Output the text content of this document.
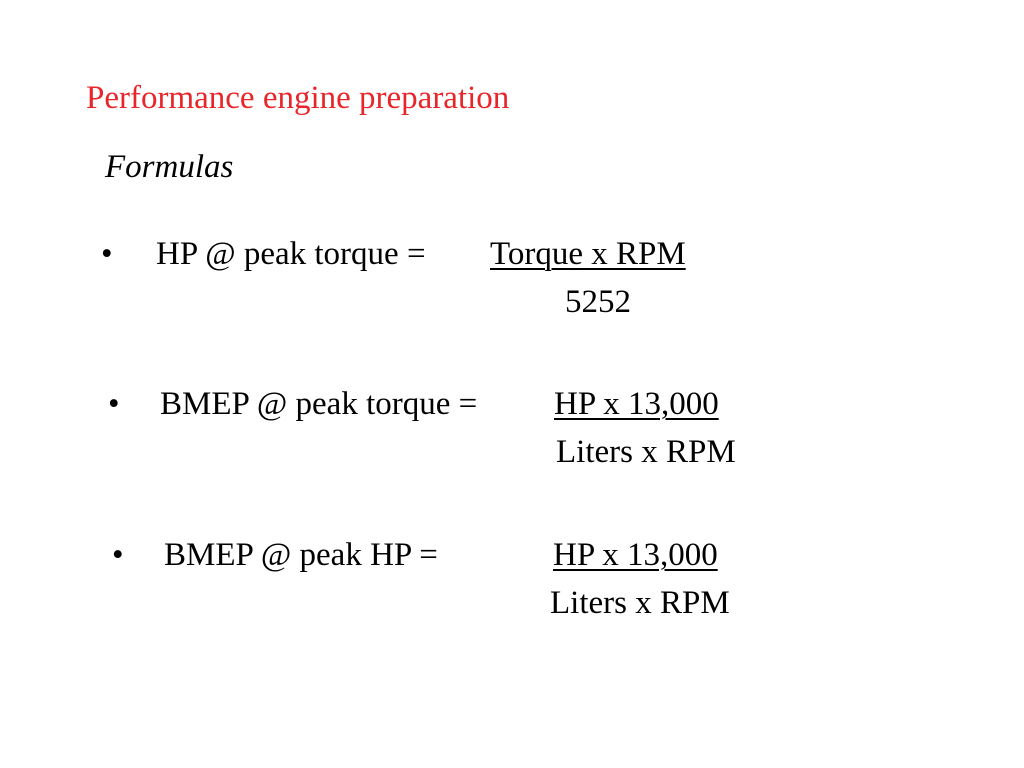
Performance engine preparation
Formulas
• HP @ peak torque = Torque x RPM
5252
• BMEP @ peak torque = HP x 13,000
Liters x RPM
• BMEP @ peak HP =	HP x 13,000
Liters x RPM
